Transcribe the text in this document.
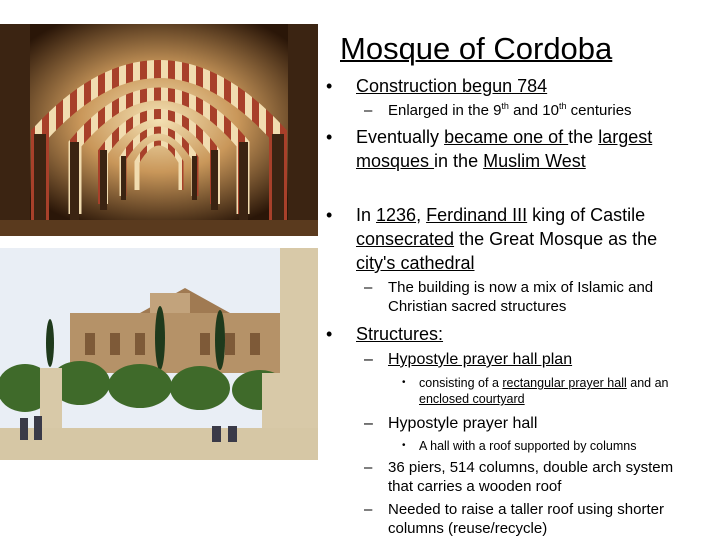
Mosque of Cordoba
• Construction begun 784
– Enlarged in the 9th and 10th centuries
• Eventually became one of the largest mosques in the Muslim West
• In 1236, Ferdinand III king of Castile consecrated the Great Mosque as the city's cathedral
– The building is now a mix of Islamic and Christian sacred structures
• Structures:
– Hypostyle prayer hall plan
• consisting of a rectangular prayer hall and an enclosed courtyard
– Hypostyle prayer hall
• A hall with a roof supported by columns
– 36 piers, 514 columns, double arch system that carries a wooden roof
– Needed to raise a taller roof using shorter columns (reuse/recycle)
